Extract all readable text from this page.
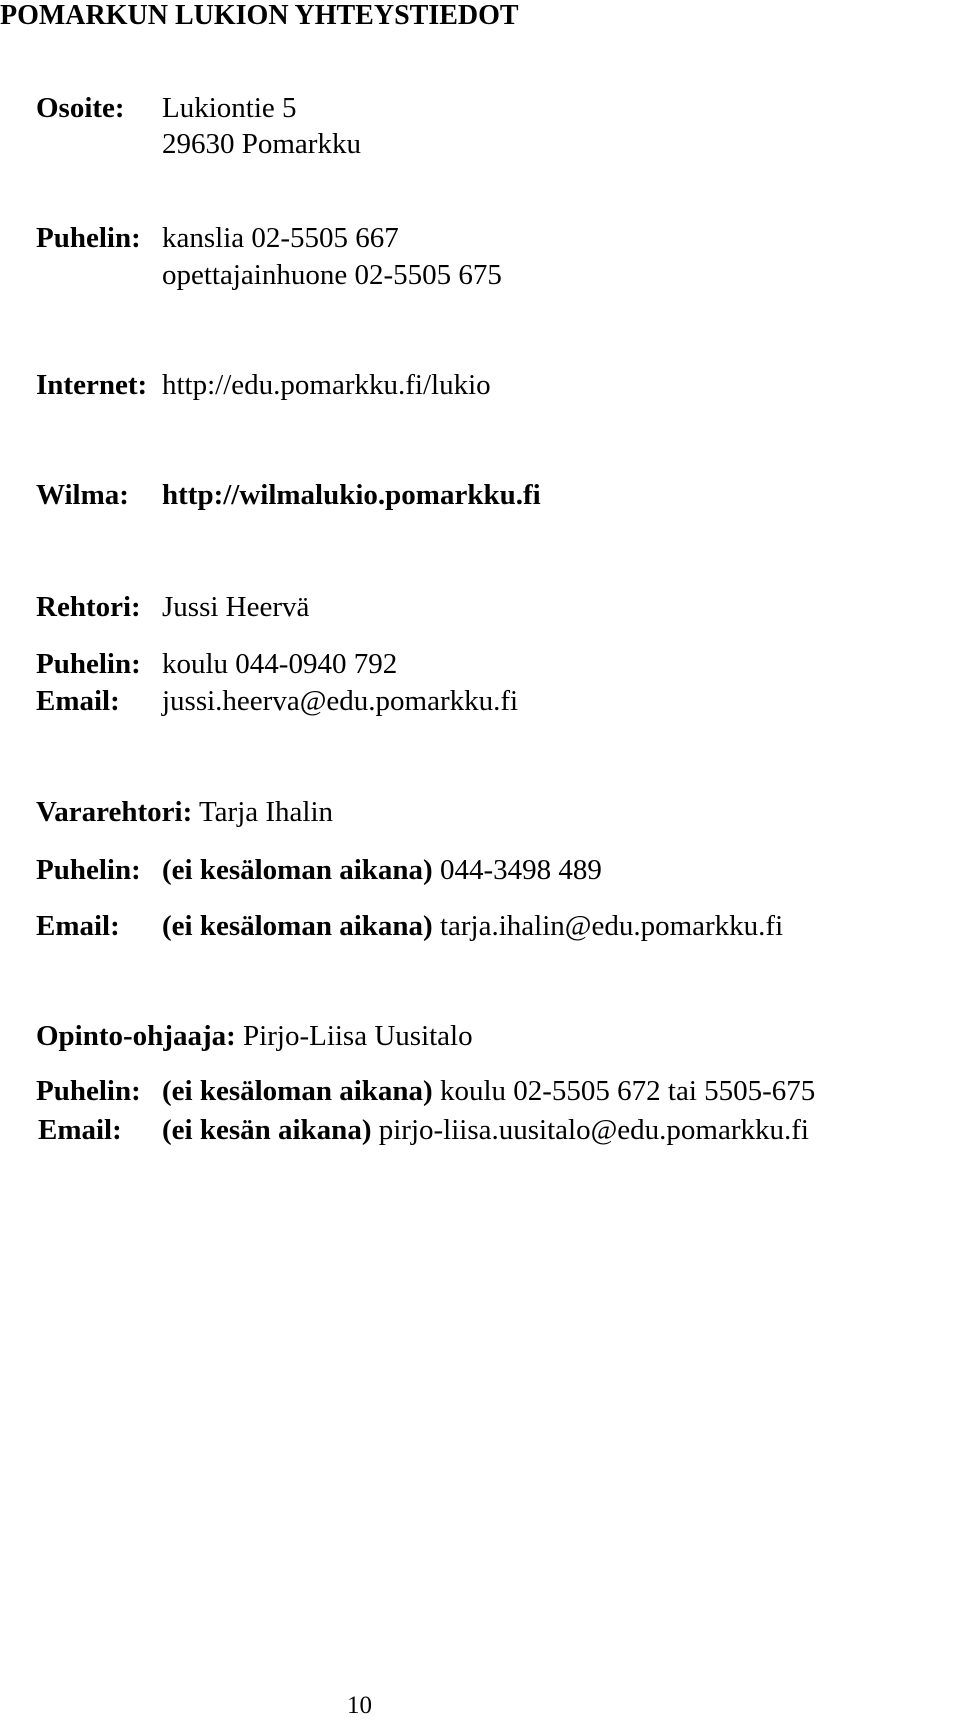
POMARKUN LUKION YHTEYSTIEDOT
Osoite: Lukiontie 5
29630 Pomarkku
Puhelin: kanslia 02-5505 667
opettajainhuone 02-5505 675
Internet: http://edu.pomarkku.fi/lukio
Wilma: http://wilmalukio.pomarkku.fi
Rehtori: Jussi Heervä
Puhelin: koulu 044-0940 792
Email: jussi.heerva@edu.pomarkku.fi
Vararehtori: Tarja Ihalin
Puhelin: (ei kesäloman aikana) 044-3498 489
Email: (ei kesäloman aikana) tarja.ihalin@edu.pomarkku.fi
Opinto-ohjaaja: Pirjo-Liisa Uusitalo
Puhelin: (ei kesäloman aikana) koulu 02-5505 672 tai 5505-675
Email: (ei kesän aikana) pirjo-liisa.uusitalo@edu.pomarkku.fi
10
